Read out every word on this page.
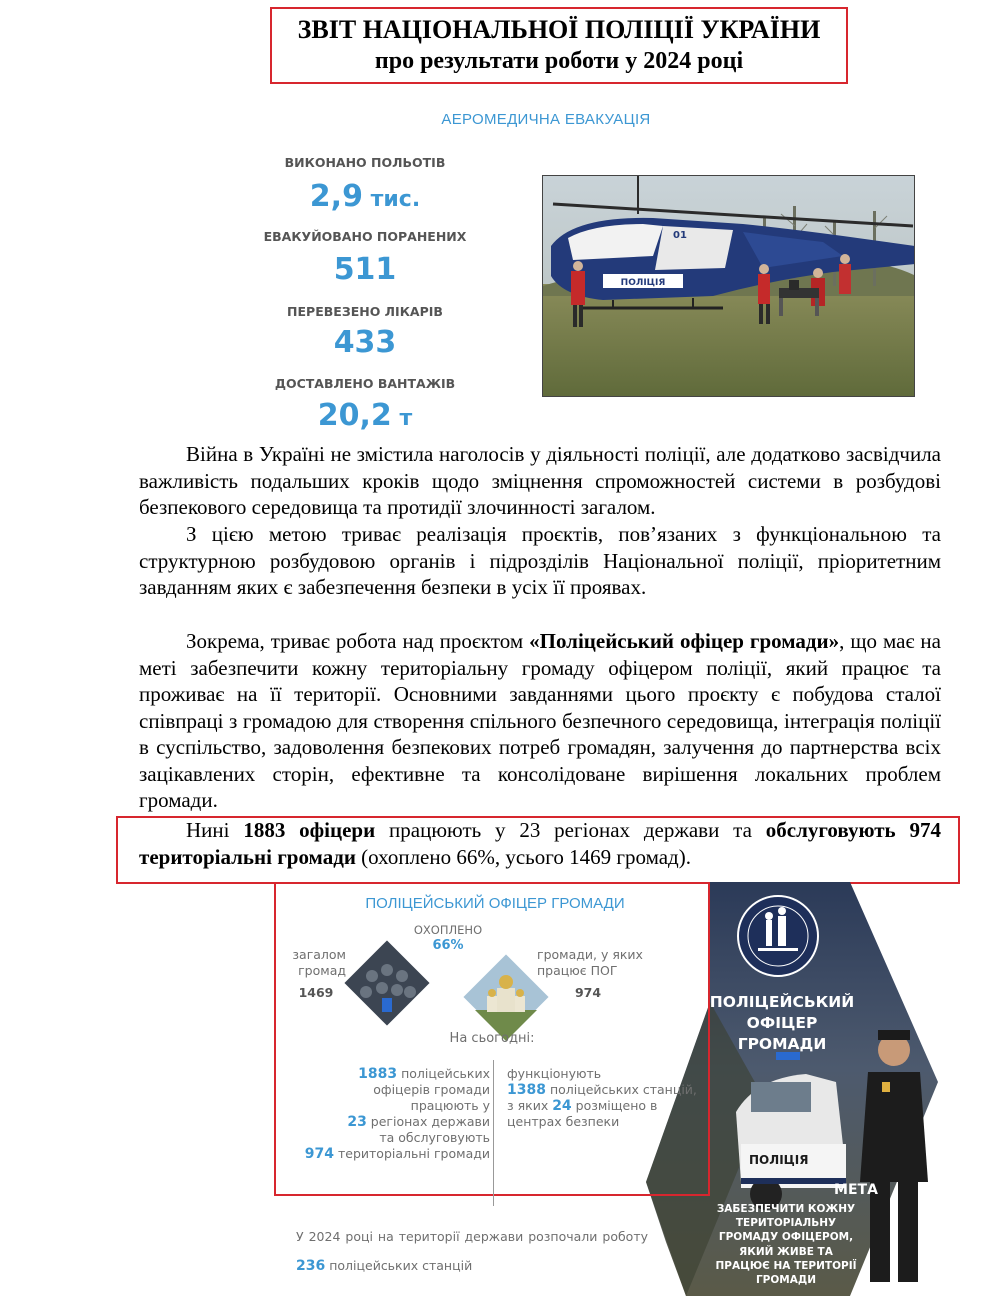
ЗВІТ НАЦІОНАЛЬНОЇ ПОЛІЦІЇ УКРАЇНИ
про результати роботи у 2024 році
АЕРОМЕДИЧНА ЕВАКУАЦІЯ
ВИКОНАНО ПОЛЬОТІВ
2,9 тис.
ЕВАКУЙОВАНО ПОРАНЕНИХ
511
ПЕРЕВЕЗЕНО ЛІКАРІВ
433
ДОСТАВЛЕНО ВАНТАЖІВ
20,2 т
ПОЛІЦІЯ
01
Війна в Україні не змістила наголосів у діяльності поліції, але додатково засвідчила важливість подальших кроків щодо зміцнення спроможностей системи в розбудові безпекового середовища та протидії злочинності загалом.
З цією метою триває реалізація проєктів, пов’язаних з функціональною та структурною розбудовою органів і підрозділів Національної поліції, пріоритетним завданням яких є забезпечення безпеки в усіх її проявах.
Зокрема, триває робота над проєктом «Поліцейський офіцер громади», що має на меті забезпечити кожну територіальну громаду офіцером поліції, який працює та проживає на її території. Основними завданнями цього проєкту є побудова сталої співпраці з громадою для створення спільного безпечного середовища, інтеграція поліції в суспільство, задоволення безпекових потреб громадян, залучення до партнерства всіх зацікавлених сторін, ефективне та консолідоване вирішення локальних проблем громади.
Нині 1883 офіцери працюють у 23 регіонах держави та обслуговують 974 територіальні громади (охоплено 66%, усього 1469 громад).
ПОЛІЦЕЙСЬКИЙ
ОФІЦЕР
ГРОМАДИ
ПОЛІЦІЯ
МЕТА
ЗАБЕЗПЕЧИТИ КОЖНУ
ТЕРИТОРІАЛЬНУ
ГРОМАДУ ОФІЦЕРОМ,
ЯКИЙ ЖИВЕ ТА
ПРАЦЮЄ НА ТЕРИТОРІЇ
ГРОМАДИ
ПОЛІЦЕЙСЬКИЙ ОФІЦЕР ГРОМАДИ
загалом
громад
1469
ОХОПЛЕНО
66%
громади, у яких
працює ПОГ
974
На сьогодні:
1883 поліцейських
офіцерів громади
працюють у
23 регіонах держави
та обслуговують
974 територіальні громади
функціонують
1388 поліцейських станцій,
з яких 24 розміщено в
центрах безпеки
У 2024 році на території держави розпочали роботу 236 поліцейських станцій
